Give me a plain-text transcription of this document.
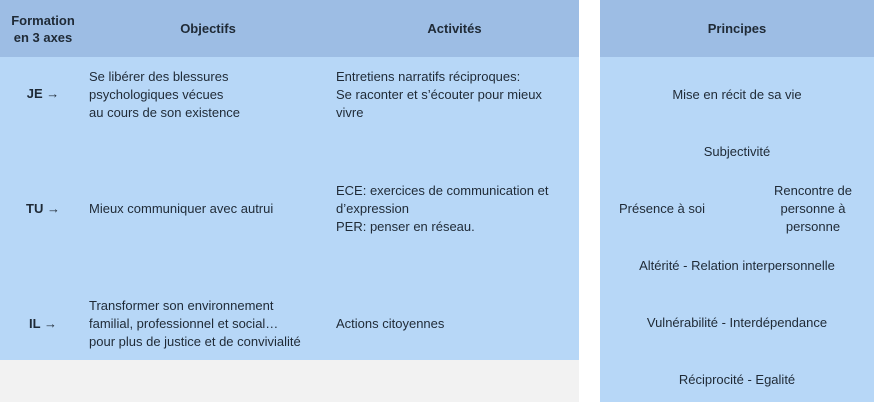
Formation
en 3 axes
Objectifs	Activités
JE →
Se libérer des blessures
psychologiques vécues
au cours de son existence
Entretiens narratifs réciproques:
Se raconter et s’écouter pour mieux
vivre
TU →	Mieux communiquer avec autrui
ECE: exercices de communication et
d’expression
PER: penser en réseau.
IL →
Transformer son environnement
familial, professionnel et social…
pour plus de justice et de convivialité
Actions citoyennes
Principes
Mise en récit de sa vie
Subjectivité
Présence à soi
Rencontre de
personne à
personne
Altérité - Relation interpersonnelle
Vulnérabilité - Interdépendance
Réciprocité - Egalité
